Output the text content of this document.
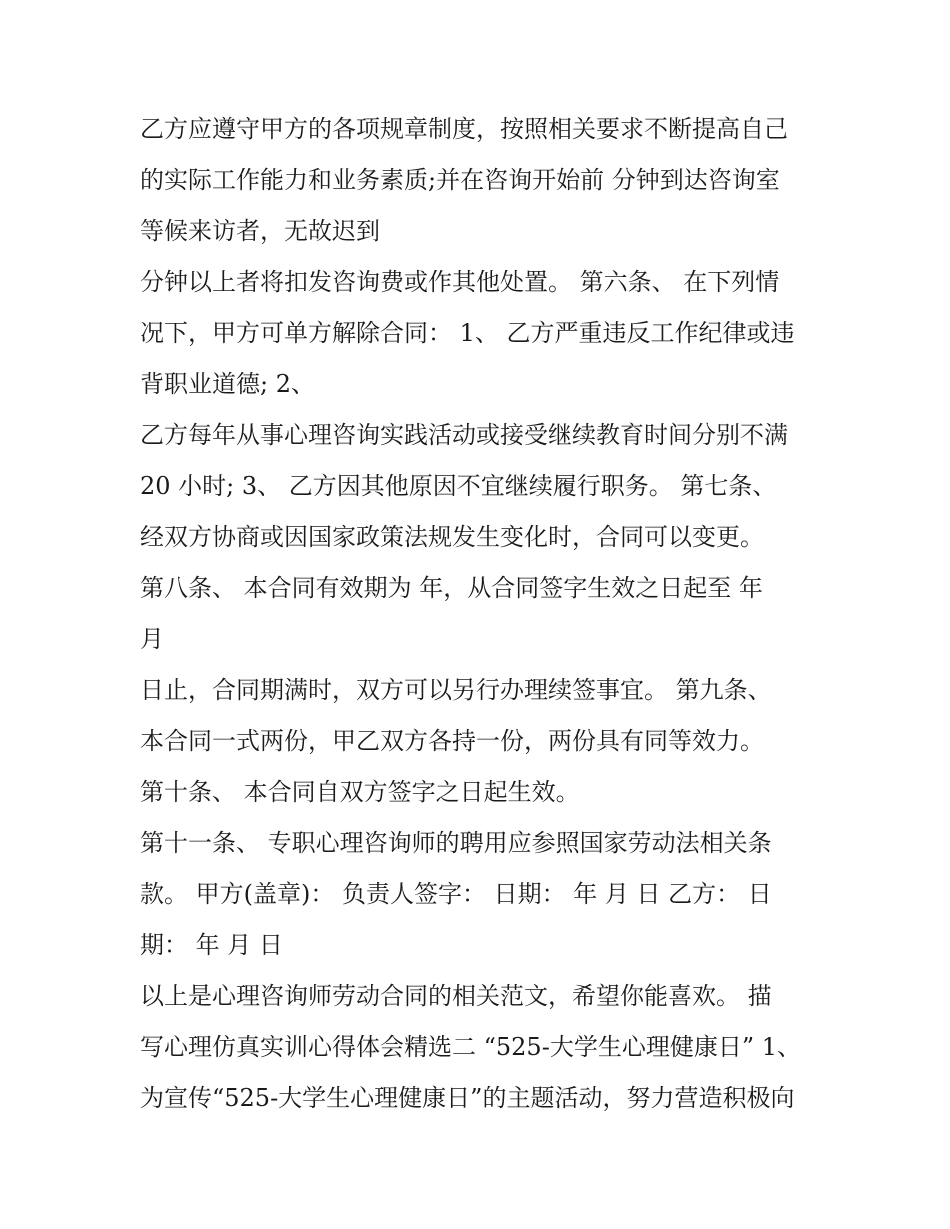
乙方应遵守甲方的各项规章制度，按照相关要求不断提高自己
的实际工作能力和业务素质;并在咨询开始前 分钟到达咨询室
等候来访者，无故迟到
分钟以上者将扣发咨询费或作其他处置。 第六条、 在下列情
况下，甲方可单方解除合同： 1、 乙方严重违反工作纪律或违
背职业道德; 2、
乙方每年从事心理咨询实践活动或接受继续教育时间分别不满
20 小时; 3、 乙方因其他原因不宜继续履行职务。 第七条、
经双方协商或因国家政策法规发生变化时，合同可以变更。
第八条、 本合同有效期为 年，从合同签字生效之日起至 年
月
日止，合同期满时，双方可以另行办理续签事宜。 第九条、
本合同一式两份，甲乙双方各持一份，两份具有同等效力。
第十条、 本合同自双方签字之日起生效。
第十一条、 专职心理咨询师的聘用应参照国家劳动法相关条
款。 甲方(盖章)： 负责人签字： 日期： 年 月 日 乙方： 日
期： 年 月 日
以上是心理咨询师劳动合同的相关范文，希望你能喜欢。 描
写心理仿真实训心得体会精选二 “525-大学生心理健康日” 1、
为宣传“525-大学生心理健康日”的主题活动，努力营造积极向
